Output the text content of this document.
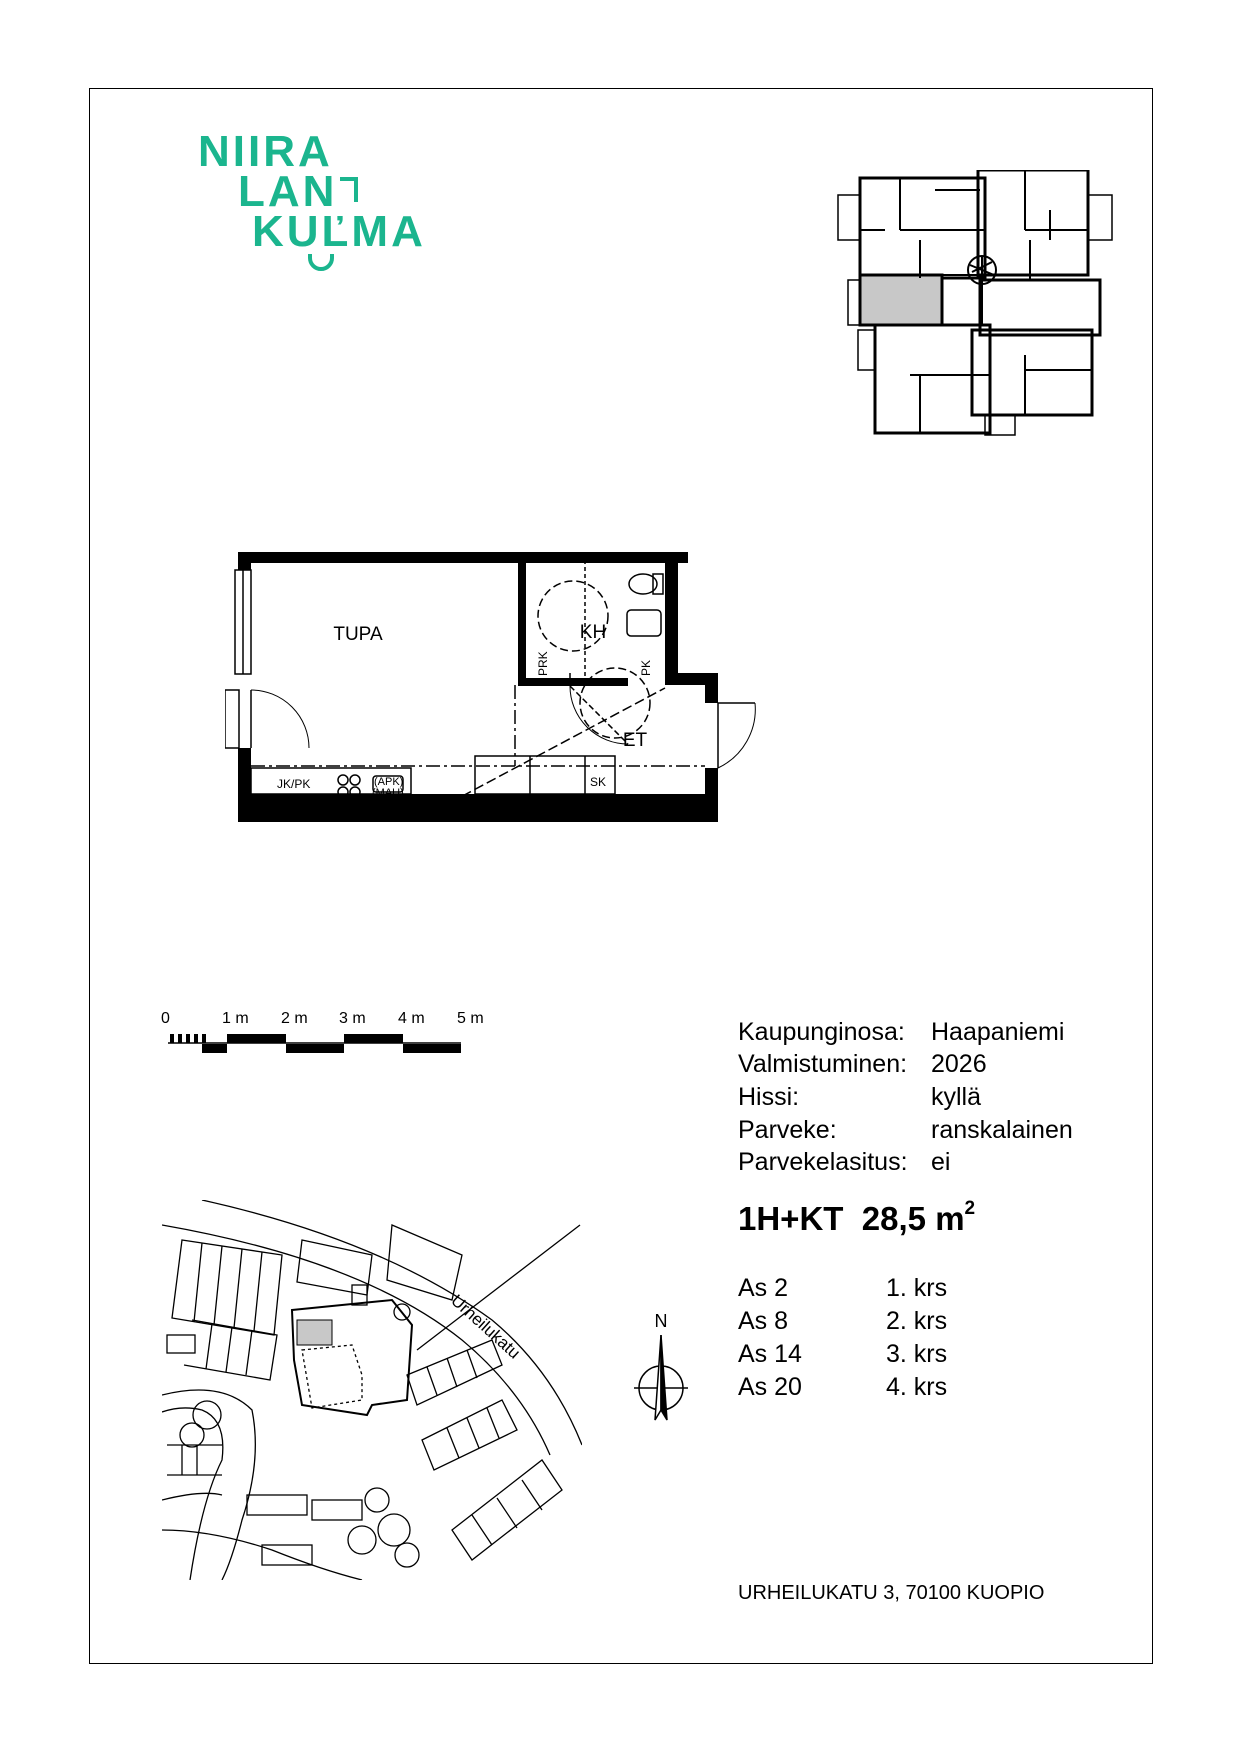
NIIRA
LAN
KUĽMA
TUPA	KH
ET
PRK	PK
JK/PK	(APK)
(MAU)
SK
0	1 m 2 m 3 m 4 m 5 m	Kaupunginosa: Haapaniemi
Valmistuminen: 2026
Hissi:	kyllä
Parveke:	ranskalainen
Parvekelasitus: ei
1H+KT 28,5 $m^2$
As 2	1. krs
As 8	2. krs
As 14	3. krs
As 20	4. krs
N
Urheilukatu
URHEILUKATU 3, 70100 KUOPIO
